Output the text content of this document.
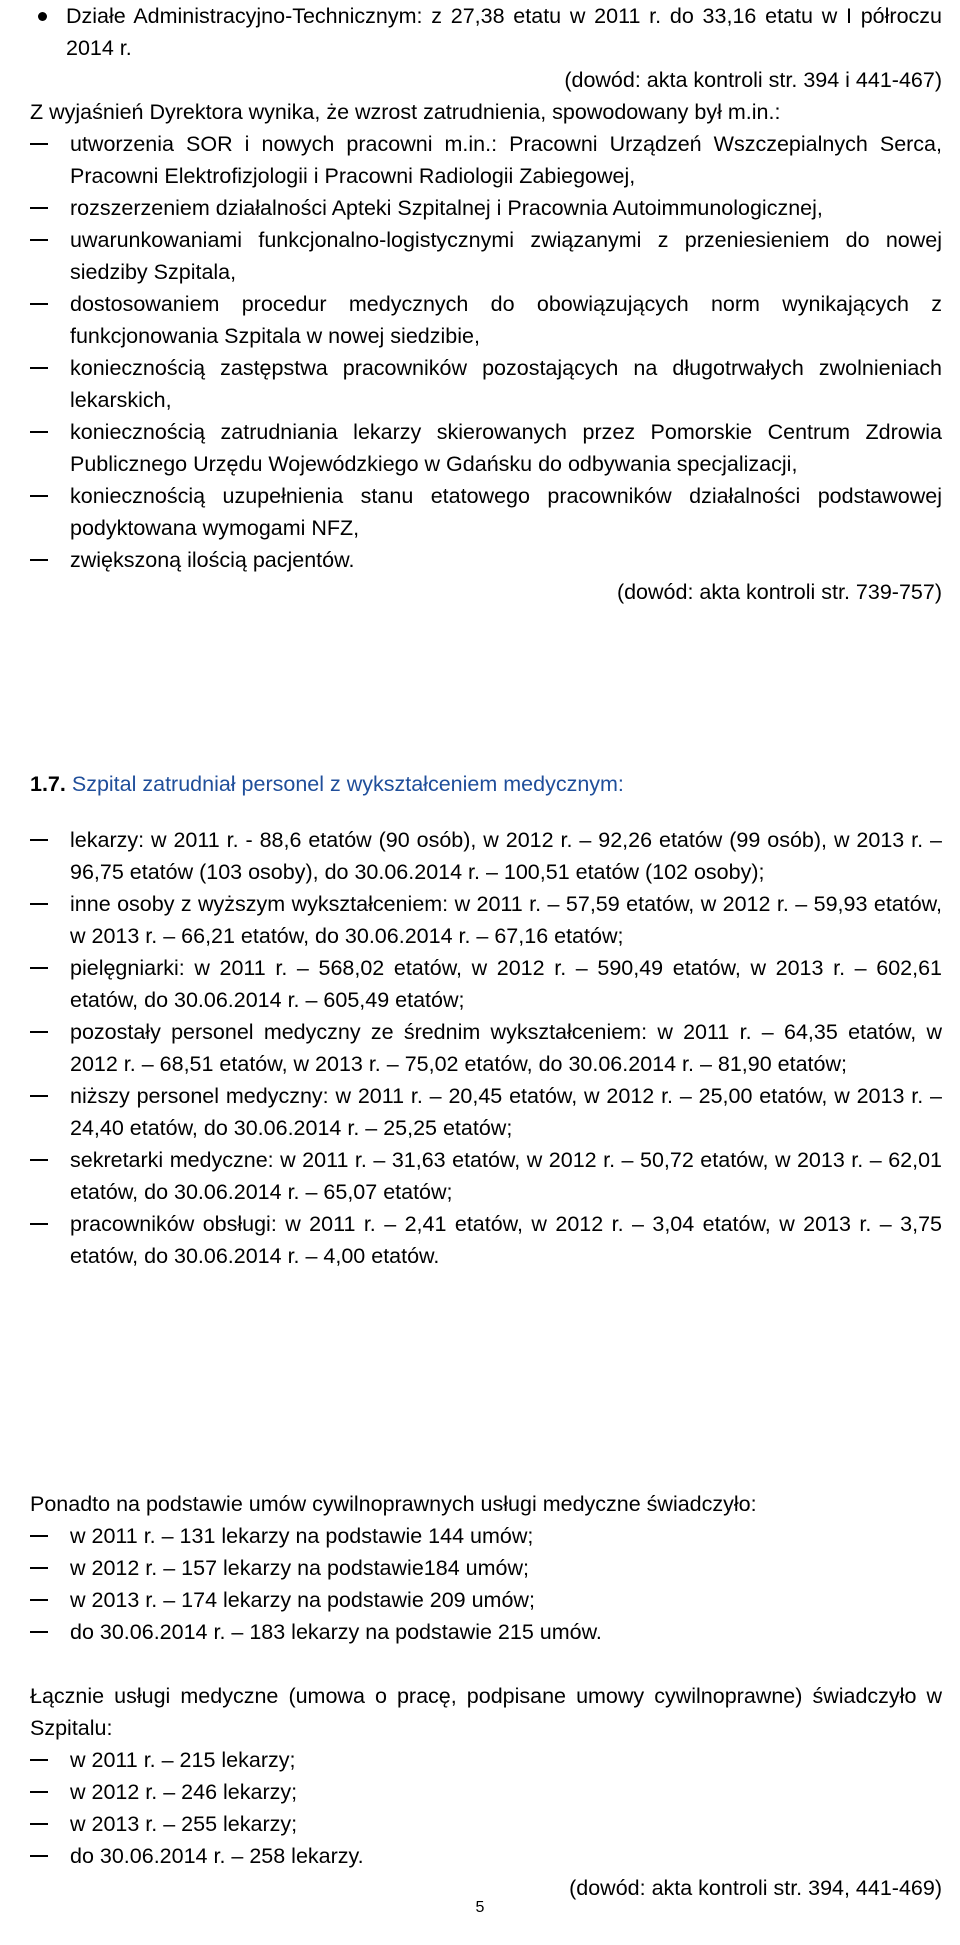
Działe Administracyjno-Technicznym: z 27,38 etatu w 2011 r. do 33,16 etatu w I półroczu 2014 r.

(dowód: akta kontroli str. 394 i 441-467)

Z wyjaśnień Dyrektora wynika, że wzrost zatrudnienia, spowodowany był m.in.:

utworzenia SOR i nowych pracowni m.in.: Pracowni Urządzeń Wszczepialnych Serca, Pracowni Elektrofizjologii i Pracowni Radiologii Zabiegowej,
rozszerzeniem działalności Apteki Szpitalnej i Pracownia Autoimmunologicznej,
uwarunkowaniami funkcjonalno-logistycznymi związanymi z przeniesieniem do nowej siedziby Szpitala,
dostosowaniem procedur medycznych do obowiązujących norm wynikających z funkcjonowania Szpitala w nowej siedzibie,
koniecznością zastępstwa pracowników pozostających na długotrwałych zwolnieniach lekarskich,
koniecznością zatrudniania lekarzy skierowanych przez Pomorskie Centrum Zdrowia Publicznego Urzędu Wojewódzkiego w Gdańsku do odbywania specjalizacji,
koniecznością uzupełnienia stanu etatowego pracowników działalności podstawowej podyktowana wymogami NFZ,
zwiększoną ilością pacjentów.

(dowód: akta kontroli str. 739-757)

1.7. Szpital zatrudniał personel z wykształceniem medycznym:

lekarzy: w 2011 r. - 88,6 etatów (90 osób), w 2012 r. – 92,26 etatów (99 osób), w 2013 r. – 96,75 etatów (103 osoby), do 30.06.2014 r. – 100,51 etatów (102 osoby);
inne osoby z wyższym wykształceniem: w 2011 r. – 57,59 etatów, w 2012 r. – 59,93 etatów, w 2013 r. – 66,21 etatów, do 30.06.2014 r. – 67,16 etatów;
pielęgniarki: w 2011 r. – 568,02 etatów, w 2012 r. – 590,49 etatów, w 2013 r. – 602,61 etatów, do 30.06.2014 r. – 605,49 etatów;
pozostały personel medyczny ze średnim wykształceniem: w 2011 r. – 64,35 etatów, w 2012 r. – 68,51 etatów, w 2013 r. – 75,02 etatów, do 30.06.2014 r. – 81,90 etatów;
niższy personel medyczny: w 2011 r. – 20,45 etatów, w 2012 r. – 25,00 etatów, w 2013 r. – 24,40 etatów, do 30.06.2014 r. – 25,25 etatów;
sekretarki medyczne: w 2011 r. – 31,63 etatów, w 2012 r. – 50,72 etatów, w 2013 r. – 62,01 etatów, do 30.06.2014 r. – 65,07 etatów;
pracowników obsługi: w 2011 r. – 2,41 etatów, w 2012 r. – 3,04 etatów, w 2013 r. – 3,75 etatów, do 30.06.2014 r. – 4,00 etatów.

Ponadto na podstawie umów cywilnoprawnych usługi medyczne świadczyło:

w 2011 r. – 131 lekarzy na podstawie 144 umów;
w 2012 r. – 157 lekarzy na podstawie184 umów;
w 2013 r. – 174 lekarzy na podstawie 209 umów;
do 30.06.2014 r. – 183 lekarzy na podstawie 215 umów.

Łącznie usługi medyczne (umowa o pracę, podpisane umowy cywilnoprawne) świadczyło w Szpitalu:

w 2011 r. – 215 lekarzy;
w 2012 r. – 246 lekarzy;
w 2013 r. – 255 lekarzy;
do 30.06.2014 r. – 258 lekarzy.

(dowód: akta kontroli str. 394, 441-469)

5
